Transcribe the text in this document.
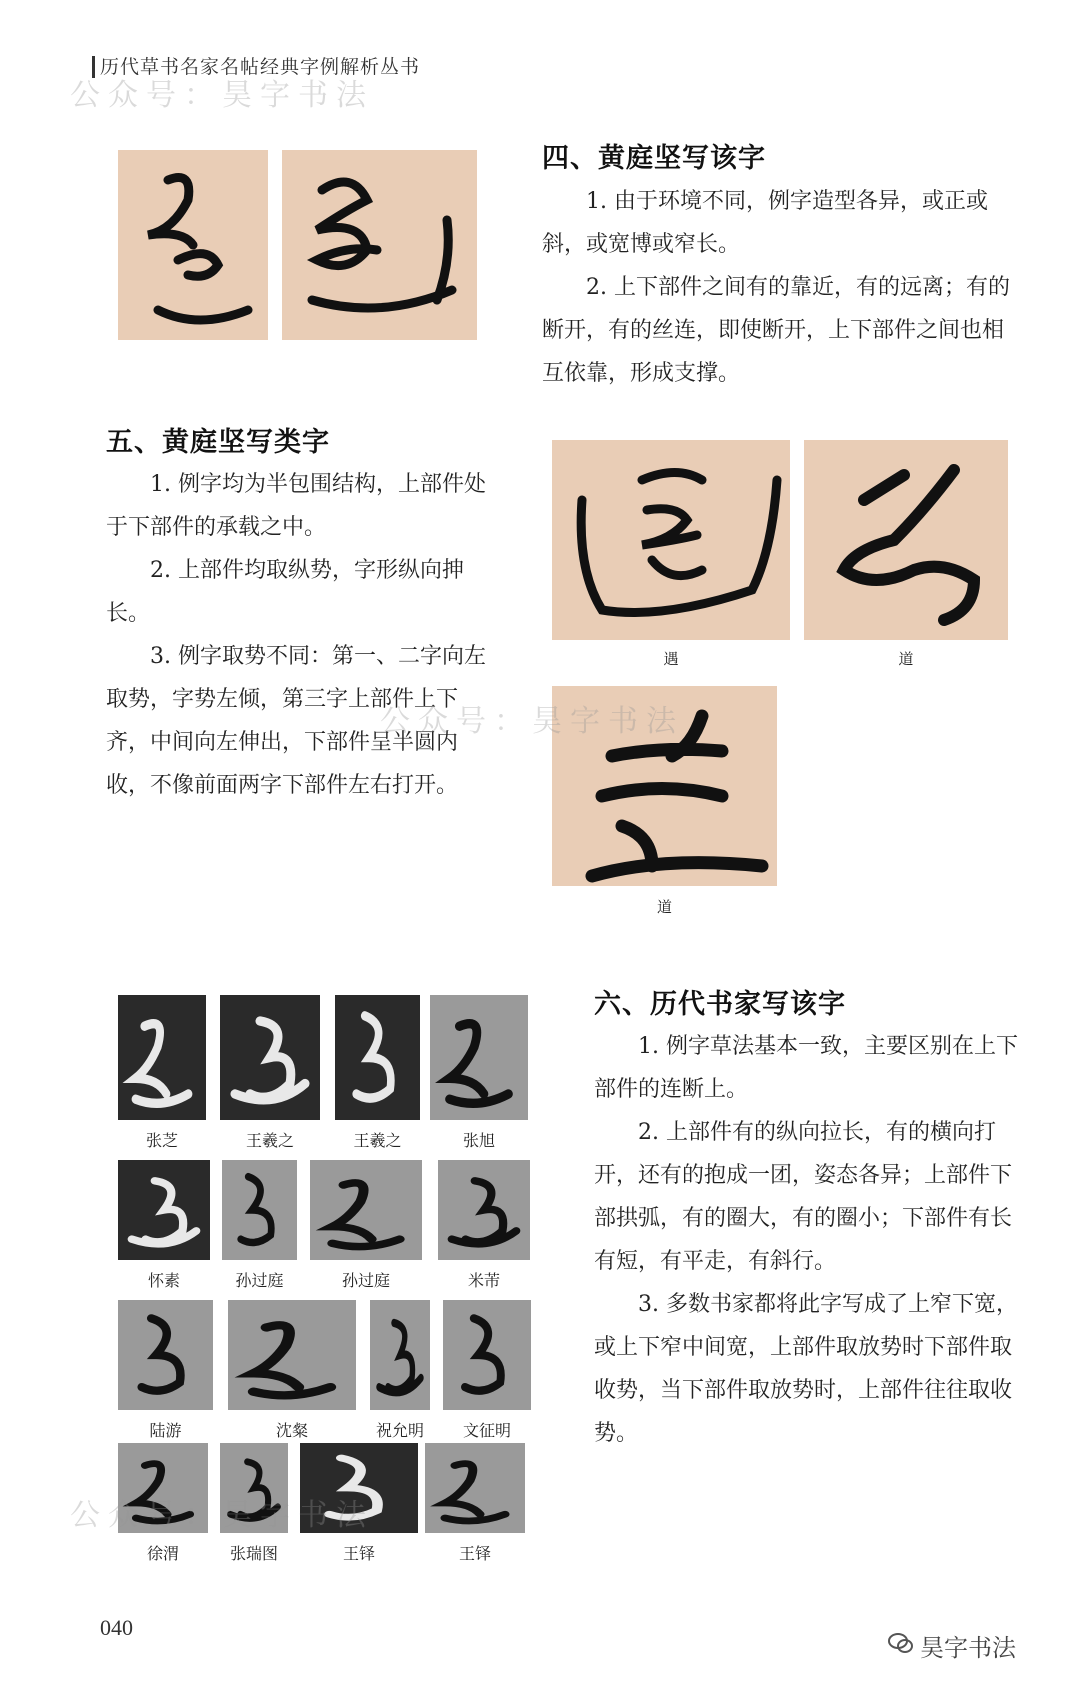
历代草书名家名帖经典字例解析丛书
公众号：昊字书法
四、黄庭坚写该字

1. 由于环境不同，例字造型各异，或正或斜，或宽博或窄长。

2. 上下部件之间有的靠近，有的远离；有的断开，有的丝连，即使断开，上下部件之间也相互依靠，形成支撑。

五、黄庭坚写类字

1. 例字均为半包围结构，上部件处于下部件的承载之中。

2. 上部件均取纵势，字形纵向抻长。

3. 例字取势不同：第一、二字向左取势，字势左倾，第三字上部件上下齐，中间向左伸出，下部件呈半圆内收，不像前面两字下部件左右打开。

遇	道
道
公众号：昊字书法
张芝	王羲之	王羲之	张旭
怀素	孙过庭	孙过庭	米芾
陆游	沈粲	祝允明	文征明
徐渭	张瑞图	王铎	王铎
六、历代书家写该字

1. 例字草法基本一致，主要区别在上下部件的连断上。

2. 上部件有的纵向拉长，有的横向打开，还有的抱成一团，姿态各异；上部件下部拱弧，有的圈大，有的圈小；下部件有长有短，有平走，有斜行。

3. 多数书家都将此字写成了上窄下宽，或上下窄中间宽，上部件取放势时下部件取收势，当下部件取放势时，上部件往往取收势。

公众号：昊字书法
040
昊字书法
